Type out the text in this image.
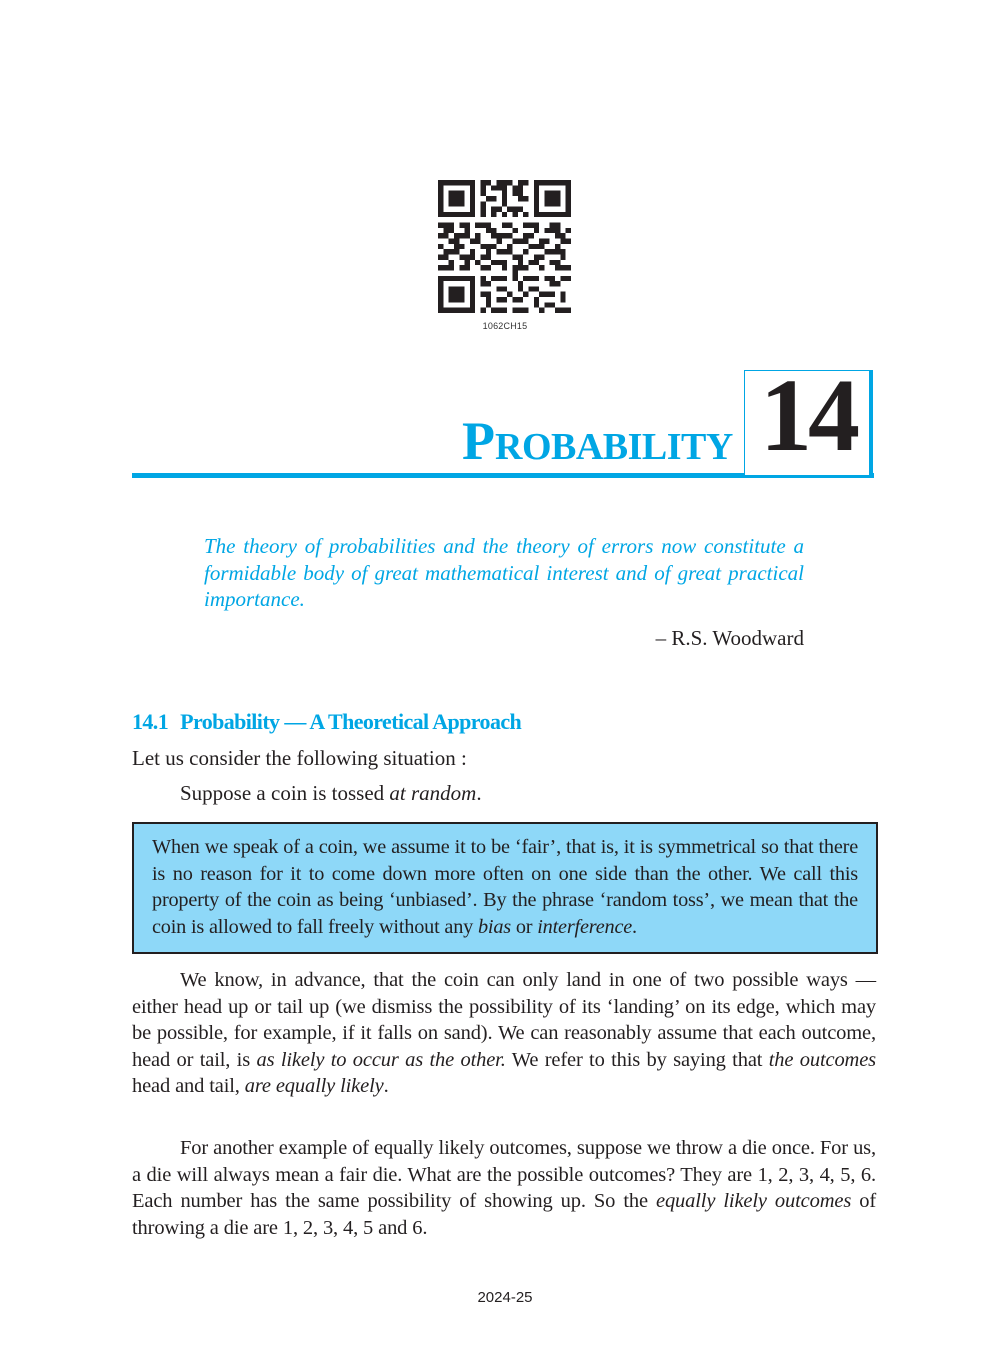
1062CH15
PROBABILITY 14
The theory of probabilities and the theory of errors now constitute a formidable body of great mathematical interest and of great practical importance.
– R.S. Woodward
14.1 Probability — A Theoretical Approach
Let us consider the following situation :
Suppose a coin is tossed at random.

When we speak of a coin, we assume it to be ‘fair’, that is, it is symmetrical so that there is no reason for it to come down more often on one side than the other. We call this property of the coin as being ‘unbiased’. By the phrase ‘random toss’, we mean that the coin is allowed to fall freely without any bias or interference.

We know, in advance, that the coin can only land in one of two possible ways — either head up or tail up (we dismiss the possibility of its ‘landing’ on its edge, which may be possible, for example, if it falls on sand). We can reasonably assume that each outcome, head or tail, is as likely to occur as the other. We refer to this by saying that the outcomes head and tail, are equally likely.

For another example of equally likely outcomes, suppose we throw a die once. For us, a die will always mean a fair die. What are the possible outcomes? They are 1, 2, 3, 4, 5, 6. Each number has the same possibility of showing up. So the equally likely outcomes of throwing a die are 1, 2, 3, 4, 5 and 6.

2024-25
